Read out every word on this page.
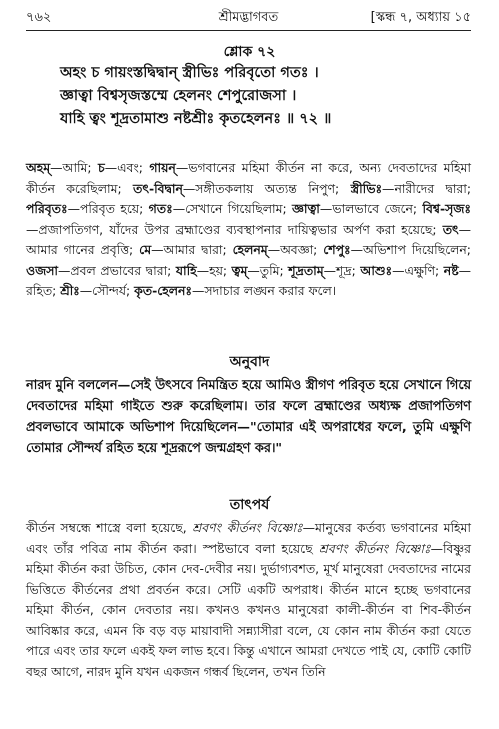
৭৬২	শ্রীমদ্ভাগবত	[স্কন্ধ ৭, অধ্যায় ১৫
শ্লোক ৭২
অহং চ গায়ংস্তদ্বিদ্বান্‌ স্ত্রীভিঃ পরিবৃতো গতঃ ।
জ্ঞাত্বা বিশ্বসৃজস্তম্মে হেলনং শেপুরোজসা ।
যাহি ত্বং শূদ্রতামাশু নষ্টশ্রীঃ কৃতহেলনঃ ॥ ৭২ ॥
অহম্‌—আমি; চ—এবং; গায়ন্‌—ভগবানের মহিমা কীর্তন না করে, অন্য দেবতাদের মহিমা কীর্তন করেছিলাম; তৎ-বিদ্বান্‌—সঙ্গীতকলায় অত্যন্ত নিপুণ; স্ত্রীভিঃ—নারীদের দ্বারা; পরিবৃতঃ—পরিবৃত হয়ে; গতঃ—সেখানে গিয়েছিলাম; জ্ঞাত্বা—ভালভাবে জেনে; বিশ্ব-সৃজঃ—প্রজাপতিগণ, যাঁদের উপর ব্রহ্মাণ্ডের ব্যবস্থাপনার দায়িত্বভার অর্পণ করা হয়েছে; তৎ—আমার গানের প্রবৃত্তি; মে—আমার দ্বারা; হেলনম্‌—অবজ্ঞা; শেপুঃ—অভিশাপ দিয়েছিলেন; ওজসা—প্রবল প্রভাবের দ্বারা; যাহি—হয়; ত্বম্‌—তুমি; শূদ্রতাম্‌—শূদ্র; আশুঃ—এক্ষুণি; নষ্ট—রহিত; শ্রীঃ—সৌন্দর্য; কৃত-হেলনঃ—সদাচার লঙ্ঘন করার ফলে।
অনুবাদ
নারদ মুনি বললেন—সেই উৎসবে নিমন্ত্রিত হয়ে আমিও স্ত্রীগণ পরিবৃত হয়ে সেখানে গিয়ে দেবতাদের মহিমা গাইতে শুরু করেছিলাম। তার ফলে ব্রহ্মাণ্ডের অধ্যক্ষ প্রজাপতিগণ প্রবলভাবে আমাকে অভিশাপ দিয়েছিলেন—"তোমার এই অপরাধের ফলে, তুমি এক্ষুণি তোমার সৌন্দর্য রহিত হয়ে শূদ্ররূপে জন্মগ্রহণ কর।"
তাৎপর্য
কীর্তন সম্বন্ধে শাস্ত্রে বলা হয়েছে, শ্রবণং কীর্তনং বিষ্ণোঃ—মানুষের কর্তব্য ভগবানের মহিমা এবং তাঁর পবিত্র নাম কীর্তন করা। স্পষ্টভাবে বলা হয়েছে শ্রবণং কীর্তনং বিষ্ণোঃ—বিষ্ণুর মহিমা কীর্তন করা উচিত, কোন দেব-দেবীর নয়। দুর্ভাগ্যবশত, মূর্খ মানুষেরা দেবতাদের নামের ভিত্তিতে কীর্তনের প্রথা প্রবর্তন করে। সেটি একটি অপরাধ। কীর্তন মানে হচ্ছে ভগবানের মহিমা কীর্তন, কোন দেবতার নয়। কখনও কখনও মানুষেরা কালী-কীর্তন বা শিব-কীর্তন আবিষ্কার করে, এমন কি বড় বড় মায়াবাদী সন্ন্যাসীরা বলে, যে কোন নাম কীর্তন করা যেতে পারে এবং তার ফলে একই ফল লাভ হবে। কিন্তু এখানে আমরা দেখতে পাই যে, কোটি কোটি বছর আগে, নারদ মুনি যখন একজন গন্ধর্ব ছিলেন, তখন তিনি
